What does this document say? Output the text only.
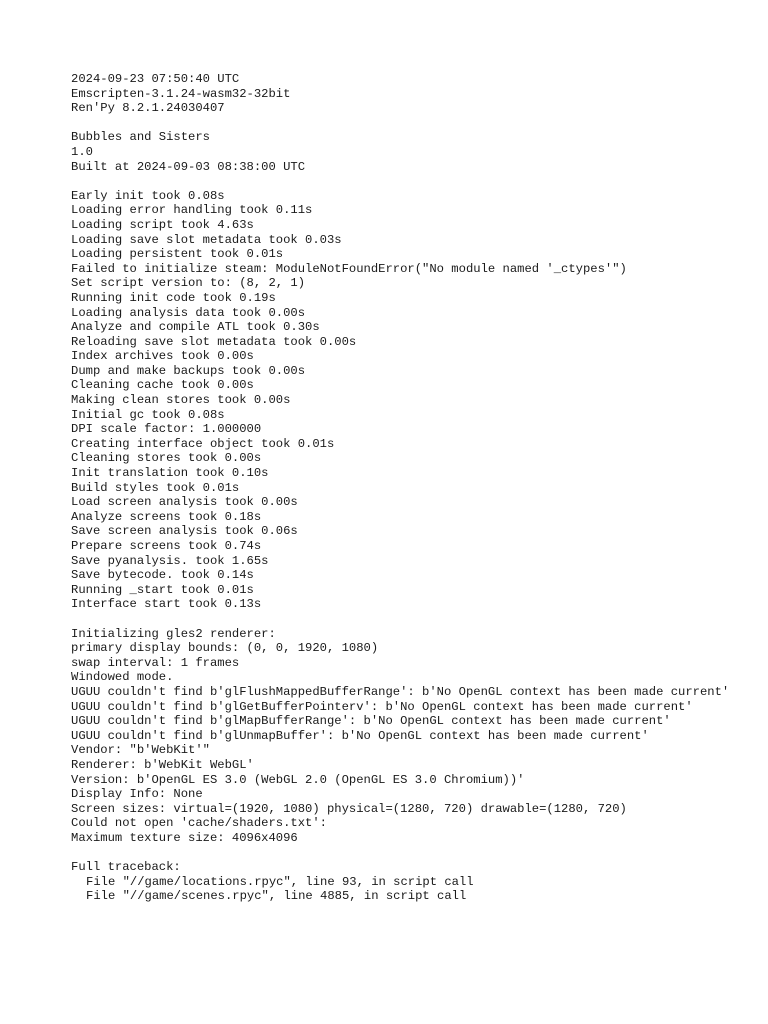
2024-09-23 07:50:40 UTC
Emscripten-3.1.24-wasm32-32bit
Ren'Py 8.2.1.24030407
Bubbles and Sisters
1.0
Built at 2024-09-03 08:38:00 UTC
Early init took 0.08s
Loading error handling took 0.11s
Loading script took 4.63s
Loading save slot metadata took 0.03s
Loading persistent took 0.01s
Failed to initialize steam: ModuleNotFoundError("No module named '_ctypes'")
Set script version to: (8, 2, 1)
Running init code took 0.19s
Loading analysis data took 0.00s
Analyze and compile ATL took 0.30s
Reloading save slot metadata took 0.00s
Index archives took 0.00s
Dump and make backups took 0.00s
Cleaning cache took 0.00s
Making clean stores took 0.00s
Initial gc took 0.08s
DPI scale factor: 1.000000
Creating interface object took 0.01s
Cleaning stores took 0.00s
Init translation took 0.10s
Build styles took 0.01s
Load screen analysis took 0.00s
Analyze screens took 0.18s
Save screen analysis took 0.06s
Prepare screens took 0.74s
Save pyanalysis. took 1.65s
Save bytecode. took 0.14s
Running _start took 0.01s
Interface start took 0.13s
Initializing gles2 renderer:
primary display bounds: (0, 0, 1920, 1080)
swap interval: 1 frames
Windowed mode.
UGUU couldn't find b'glFlushMappedBufferRange': b'No OpenGL context has been made current'
UGUU couldn't find b'glGetBufferPointerv': b'No OpenGL context has been made current'
UGUU couldn't find b'glMapBufferRange': b'No OpenGL context has been made current'
UGUU couldn't find b'glUnmapBuffer': b'No OpenGL context has been made current'
Vendor: "b'WebKit'"
Renderer: b'WebKit WebGL'
Version: b'OpenGL ES 3.0 (WebGL 2.0 (OpenGL ES 3.0 Chromium))'
Display Info: None
Screen sizes: virtual=(1920, 1080) physical=(1280, 720) drawable=(1280, 720)
Could not open 'cache/shaders.txt':
Maximum texture size: 4096x4096
Full traceback:
File "//game/locations.rpyc", line 93, in script call
File "//game/scenes.rpyc", line 4885, in script call
